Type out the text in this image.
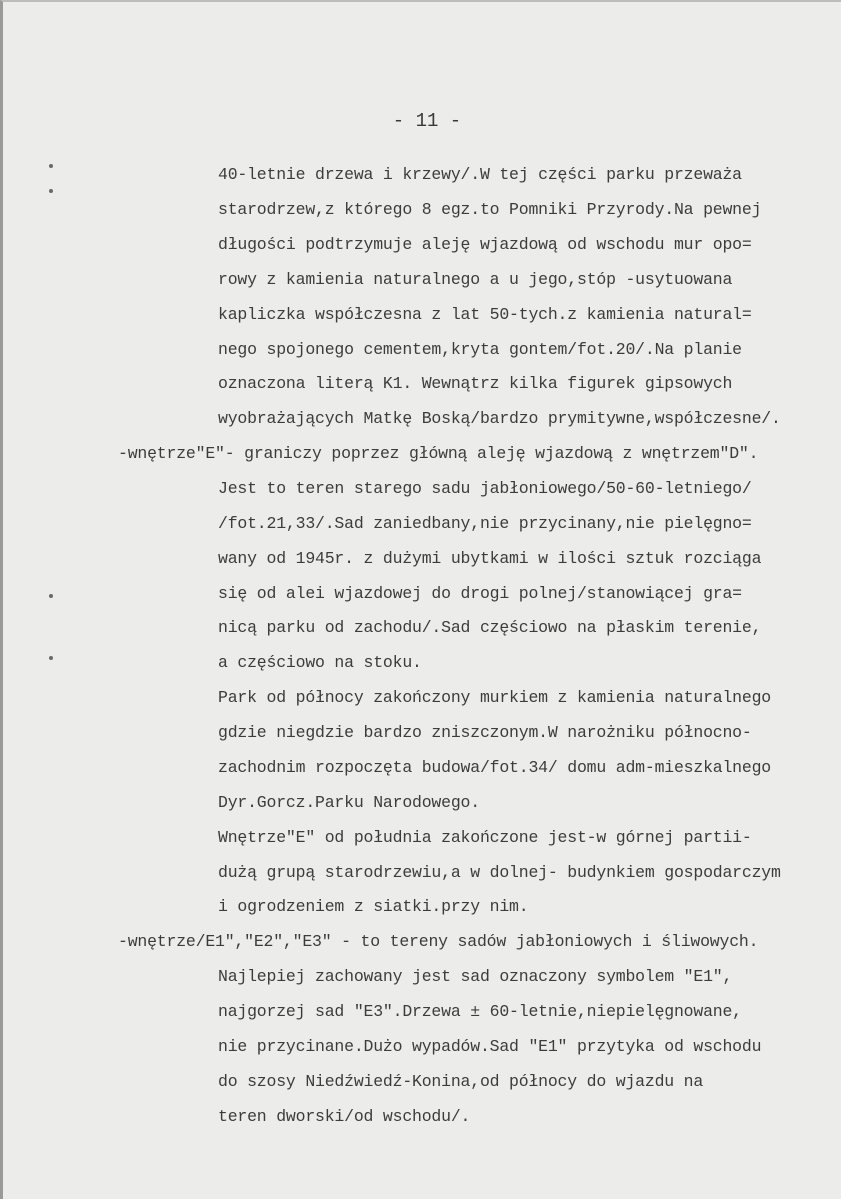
- 11 -
40-letnie drzewa i krzewy/.W tej części parku przeważa
starodrzew,z którego 8 egz.to Pomniki Przyrody.Na pewnej
długości podtrzymuje aleję wjazdową od wschodu mur opo=
rowy z kamienia naturalnego a u jego,stóp -usytuowana
kapliczka współczesna z lat 50-tych.z kamienia natural=
nego spojonego cementem,kryta gontem/fot.20/.Na planie
oznaczona literą K1. Wewnątrz kilka figurek gipsowych
wyobrażających Matkę Boską/bardzo prymitywne,współczesne/.
-wnętrze"E"- graniczy poprzez główną aleję wjazdową z wnętrzem"D".
Jest to teren starego sadu jabłoniowego/50-60-letniego/
/fot.21,33/.Sad zaniedbany,nie przycinany,nie pielęgno=
wany od 1945r. z dużymi ubytkami w ilości sztuk rozciąga
się od alei wjazdowej do drogi polnej/stanowiącej gra=
nicą parku od zachodu/.Sad częściowo na płaskim terenie,
a częściowo na stoku.
Park od północy zakończony murkiem z kamienia naturalnego
gdzie niegdzie bardzo zniszczonym.W narożniku północno-
zachodnim rozpoczęta budowa/fot.34/ domu adm-mieszkalnego
Dyr.Gorcz.Parku Narodowego.
Wnętrze"E" od południa zakończone jest-w górnej partii-
dużą grupą starodrzewiu,a w dolnej- budynkiem gospodarczym
i ogrodzeniem z siatki.przy nim.
-wnętrze/E1","E2","E3" - to tereny sadów jabłoniowych i śliwowych.
Najlepiej zachowany jest sad oznaczony symbolem "E1",
najgorzej sad "E3".Drzewa ± 60-letnie,niepielęgnowane,
nie przycinane.Dużo wypadów.Sad "E1" przytyka od wschodu
do szosy Niedźwiedź-Konina,od północy do wjazdu na
teren dworski/od wschodu/.
